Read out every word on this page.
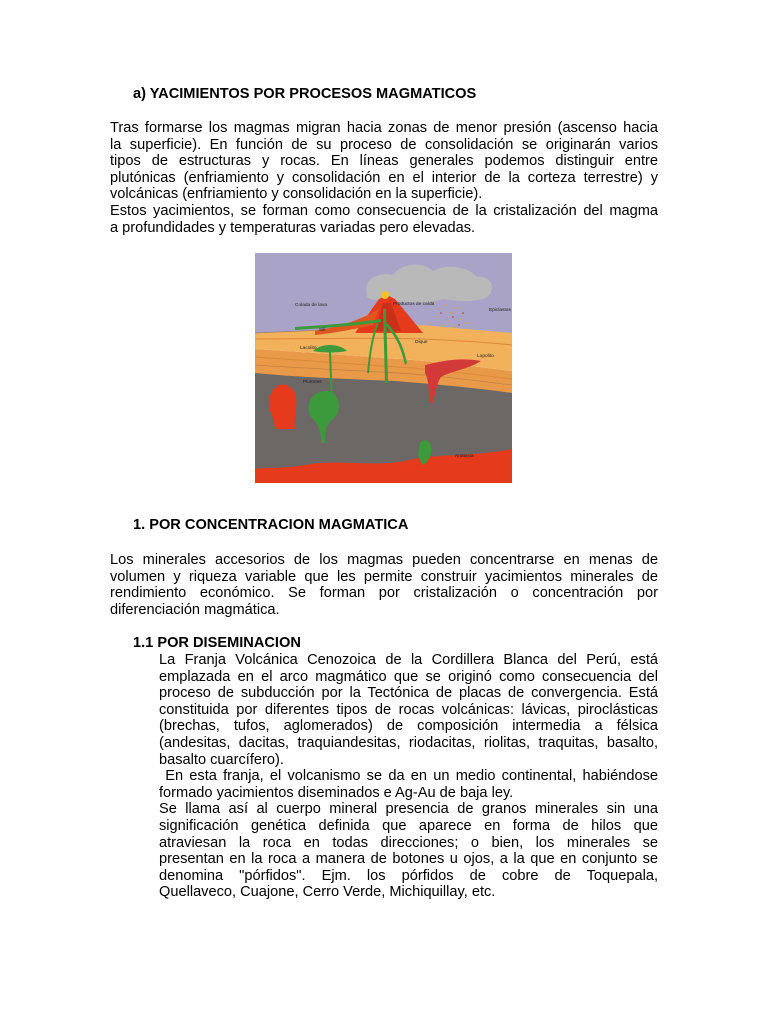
a) YACIMIENTOS POR PROCESOS MAGMATICOS
Tras formarse los magmas migran hacia zonas de menor presión (ascenso hacia
la superficie). En función de su proceso de consolidación se originarán varios
tipos de estructuras y rocas. En líneas generales podemos distinguir entre
plutónicas (enfriamiento y consolidación en el interior de la corteza terrestre) y
volcánicas (enfriamiento y consolidación en la superficie).
Estos yacimientos, se forman como consecuencia de la cristalización del magma
a profundidades y temperaturas variadas pero elevadas.
Colada de lava	Productos de caída
Epiclastos
Sill
Lacolito
Dique
Lopolito
Plutones
Anatexia
1. POR CONCENTRACION MAGMATICA
Los minerales accesorios de los magmas pueden concentrarse en menas de
volumen y riqueza variable que les permite construir yacimientos minerales de
rendimiento económico. Se forman por cristalización o concentración por
diferenciación magmática.
1.1 POR DISEMINACION
La Franja Volcánica Cenozoica de la Cordillera Blanca del Perú, está
emplazada en el arco magmático que se originó como consecuencia del
proceso de subducción por la Tectónica de placas de convergencia. Está
constituida por diferentes tipos de rocas volcánicas: lávicas, piroclásticas
(brechas, tufos, aglomerados) de composición intermedia a félsica
(andesitas, dacitas, traquiandesitas, riodacitas, riolitas, traquitas, basalto,
basalto cuarcífero).
En esta franja, el volcanismo se da en un medio continental, habiéndose
formado yacimientos diseminados e Ag-Au de baja ley.
Se llama así al cuerpo mineral presencia de granos minerales sin una
significación genética definida que aparece en forma de hilos que
atraviesan la roca en todas direcciones; o bien, los minerales se
presentan en la roca a manera de botones u ojos, a la que en conjunto se
denomina "pórfidos". Ejm. los pórfidos de cobre de Toquepala,
Quellaveco, Cuajone, Cerro Verde, Michiquillay, etc.
